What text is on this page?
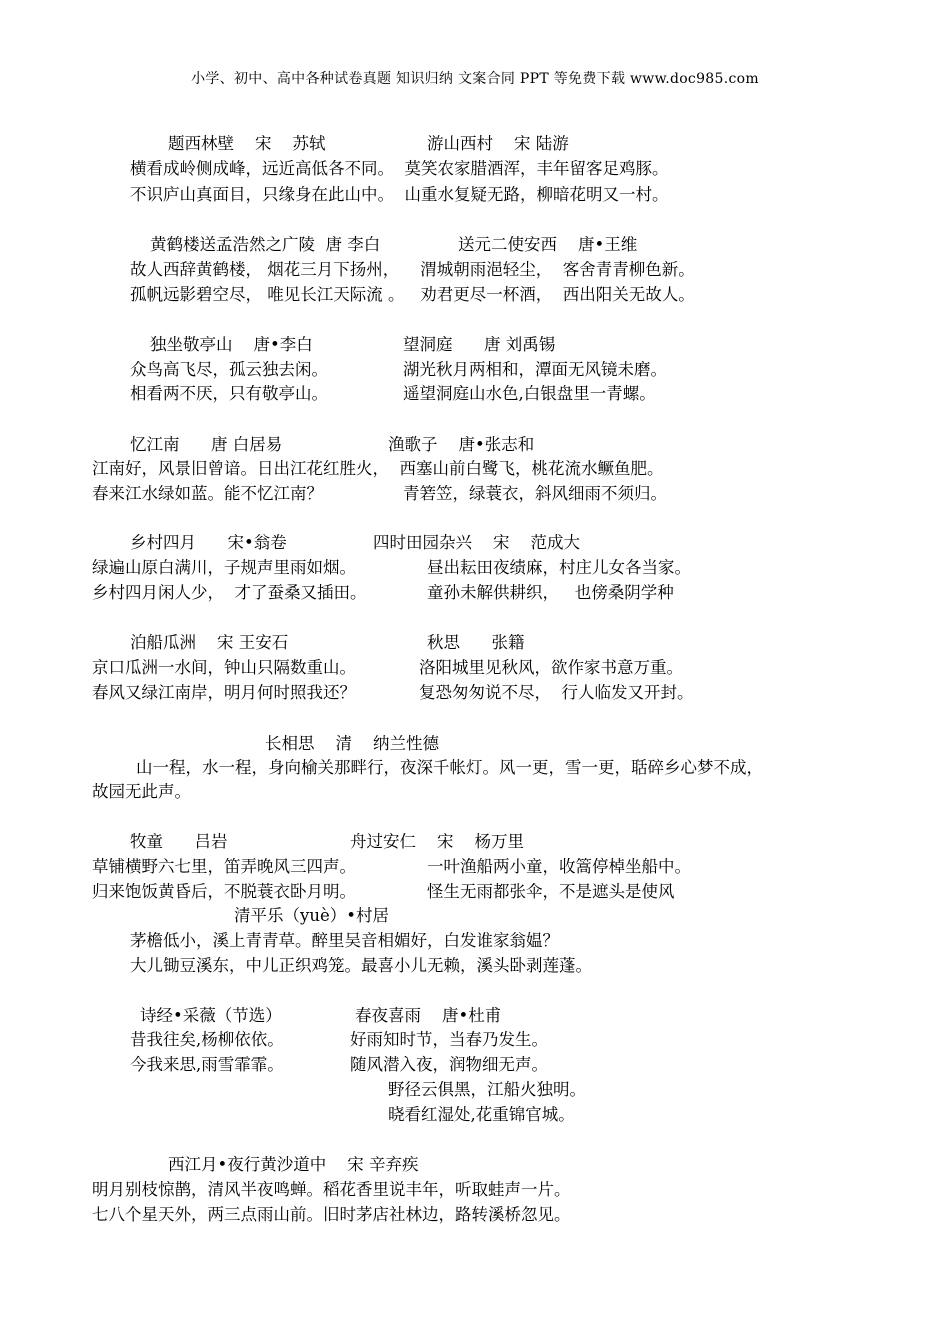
小学、初中、高中各种试卷真题 知识归纳 文案合同 PPT 等免费下载 www.doc985.com
题西林壁    宋    苏轼	游山西村    宋 陆游
横看成岭侧成峰，远近高低各不同。  莫笑农家腊酒浑，丰年留客足鸡豚。
不识庐山真面目，只缘身在此山中。  山重水复疑无路，柳暗花明又一村。
黄鹤楼送孟浩然之广陵  唐 李白	送元二使安西    唐•王维
故人西辞黄鹤楼， 烟花三月下扬州，    渭城朝雨浥轻尘，  客舍青青柳色新。
孤帆远影碧空尽， 唯见长江天际流 。   劝君更尽一杯酒，  西出阳关无故人。
独坐敬亭山    唐•李白	望洞庭      唐 刘禹锡
众鸟高飞尽，孤云独去闲。	湖光秋月两相和，潭面无风镜未磨。
相看两不厌，只有敬亭山。	遥望洞庭山水色,白银盘里一青螺。
忆江南      唐 白居易	渔歌子    唐•张志和
江南好，风景旧曾谙。日出江花红胜火，  西塞山前白鹭飞，桃花流水鳜鱼肥。
春来江水绿如蓝。能不忆江南？	青箬笠，绿蓑衣，斜风细雨不须归。
乡村四月      宋•翁卷	四时田园杂兴    宋    范成大
绿遍山原白满川，子规声里雨如烟。	昼出耘田夜绩麻，村庄儿女各当家。
乡村四月闲人少，  才了蚕桑又插田。	童孙未解供耕织，   也傍桑阴学种
泊船瓜洲    宋 王安石	秋思      张籍
京口瓜洲一水间，钟山只隔数重山。	洛阳城里见秋风，欲作家书意万重。
春风又绿江南岸，明月何时照我还？	复恐匆匆说不尽，  行人临发又开封。
长相思    清    纳兰性德
山一程，水一程，身向榆关那畔行，夜深千帐灯。风一更，雪一更，聒碎乡心梦不成，
故园无此声。
牧童      吕岩	舟过安仁    宋    杨万里
草铺横野六七里，笛弄晚风三四声。	一叶渔船两小童，收篙停棹坐船中。
归来饱饭黄昏后，不脱蓑衣卧月明。	怪生无雨都张伞，不是遮头是使风
清平乐（yuè）•村居
茅檐低小，溪上青青草。醉里吴音相媚好，白发谁家翁媪？
大儿锄豆溪东，中儿正织鸡笼。最喜小儿无赖，溪头卧剥莲蓬。
诗经•采薇（节选）	春夜喜雨    唐•杜甫
昔我往矣,杨柳依依。	好雨知时节，当春乃发生。
今我来思,雨雪霏霏。	随风潜入夜，润物细无声。
野径云俱黑，江船火独明。
晓看红湿处,花重锦官城。
西江月•夜行黄沙道中    宋 辛弃疾
明月别枝惊鹊，清风半夜鸣蝉。稻花香里说丰年，听取蛙声一片。
七八个星天外，两三点雨山前。旧时茅店社林边，路转溪桥忽见。
